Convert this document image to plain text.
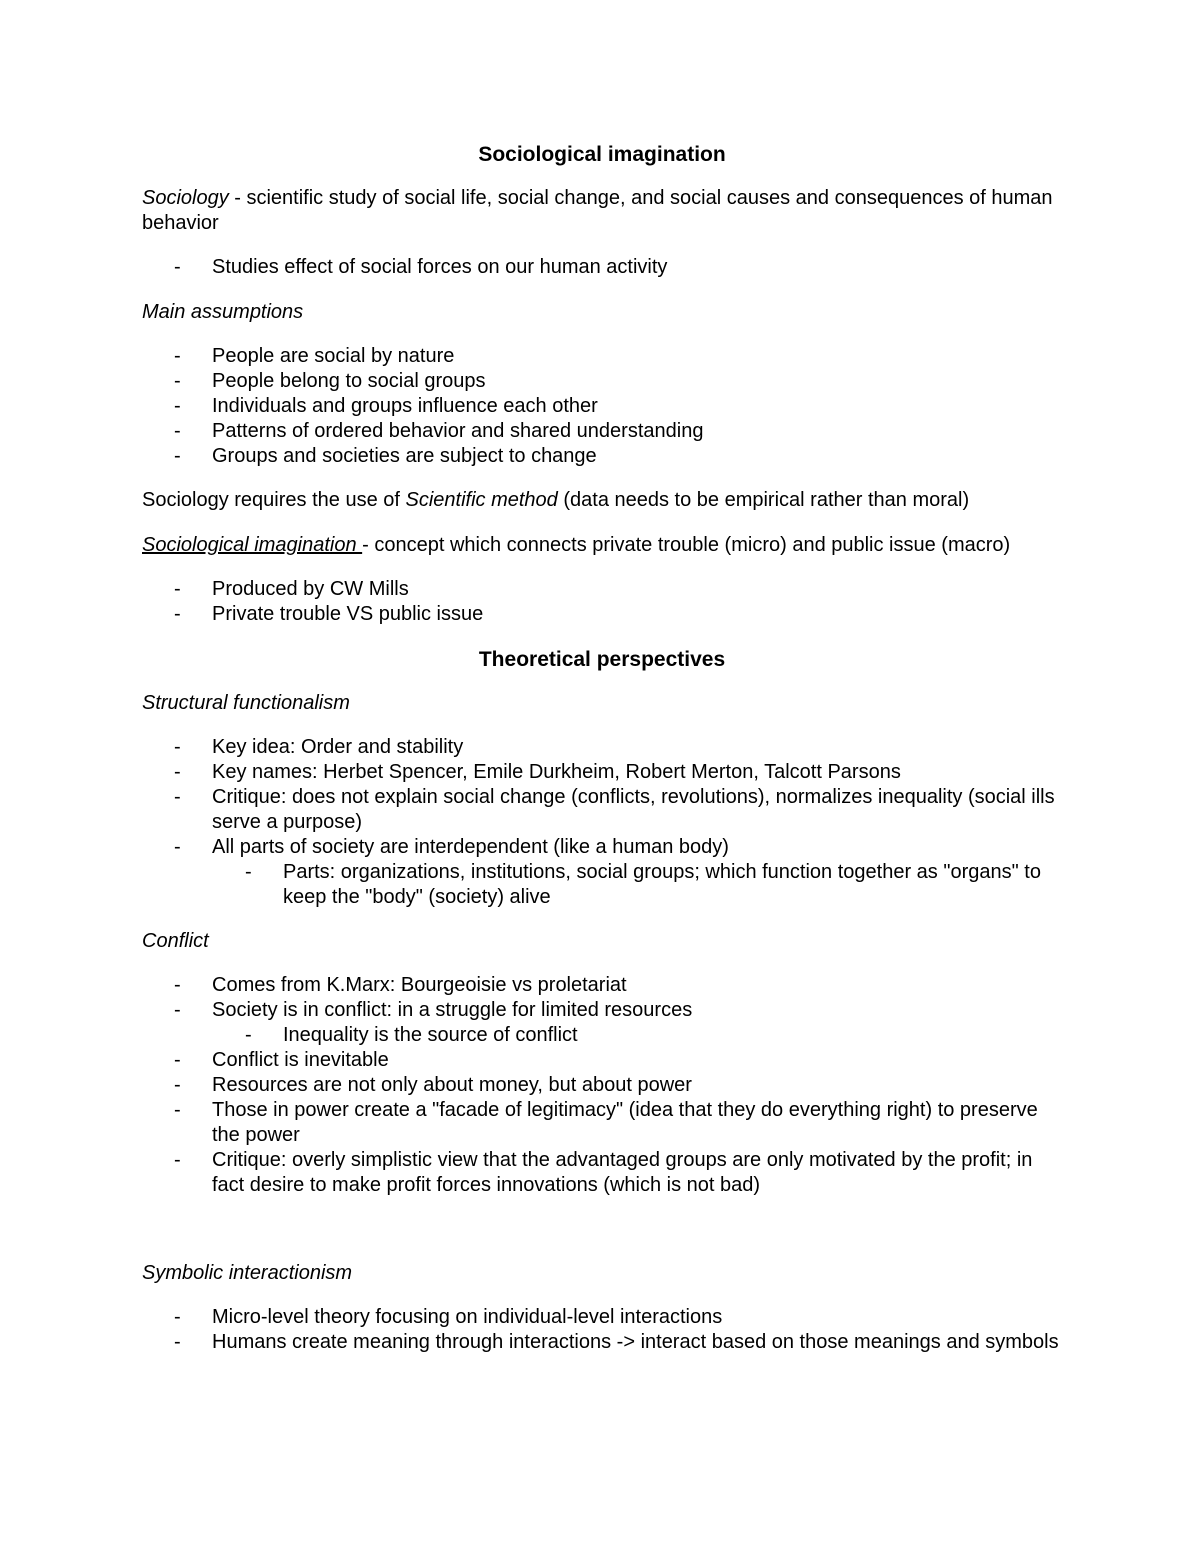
Sociological imagination

Sociology - scientific study of social life, social change, and social causes and consequences of human behavior

- Studies effect of social forces on our human activity

Main assumptions

- People are social by nature
- People belong to social groups
- Individuals and groups influence each other
- Patterns of ordered behavior and shared understanding
- Groups and societies are subject to change

Sociology requires the use of Scientific method (data needs to be empirical rather than moral)

Sociological imagination - concept which connects private trouble (micro) and public issue (macro)

- Produced by CW Mills
- Private trouble VS public issue
Theoretical perspectives

Structural functionalism

- Key idea: Order and stability
- Key names: Herbet Spencer, Emile Durkheim, Robert Merton, Talcott Parsons
- Critique: does not explain social change (conflicts, revolutions), normalizes inequality (social ills serve a purpose)
- All parts of society are interdependent (like a human body)
- Parts: organizations, institutions, social groups; which function together as "organs" to keep the "body" (society) alive

Conflict

- Comes from K.Marx: Bourgeoisie vs proletariat
- Society is in conflict: in a struggle for limited resources
- Inequality is the source of conflict
- Conflict is inevitable
- Resources are not only about money, but about power
- Those in power create a "facade of legitimacy" (idea that they do everything right) to preserve the power
- Critique: overly simplistic view that the advantaged groups are only motivated by the profit; in fact desire to make profit forces innovations (which is not bad)

Symbolic interactionism

- Micro-level theory focusing on individual-level interactions
- Humans create meaning through interactions -> interact based on those meanings and symbols
